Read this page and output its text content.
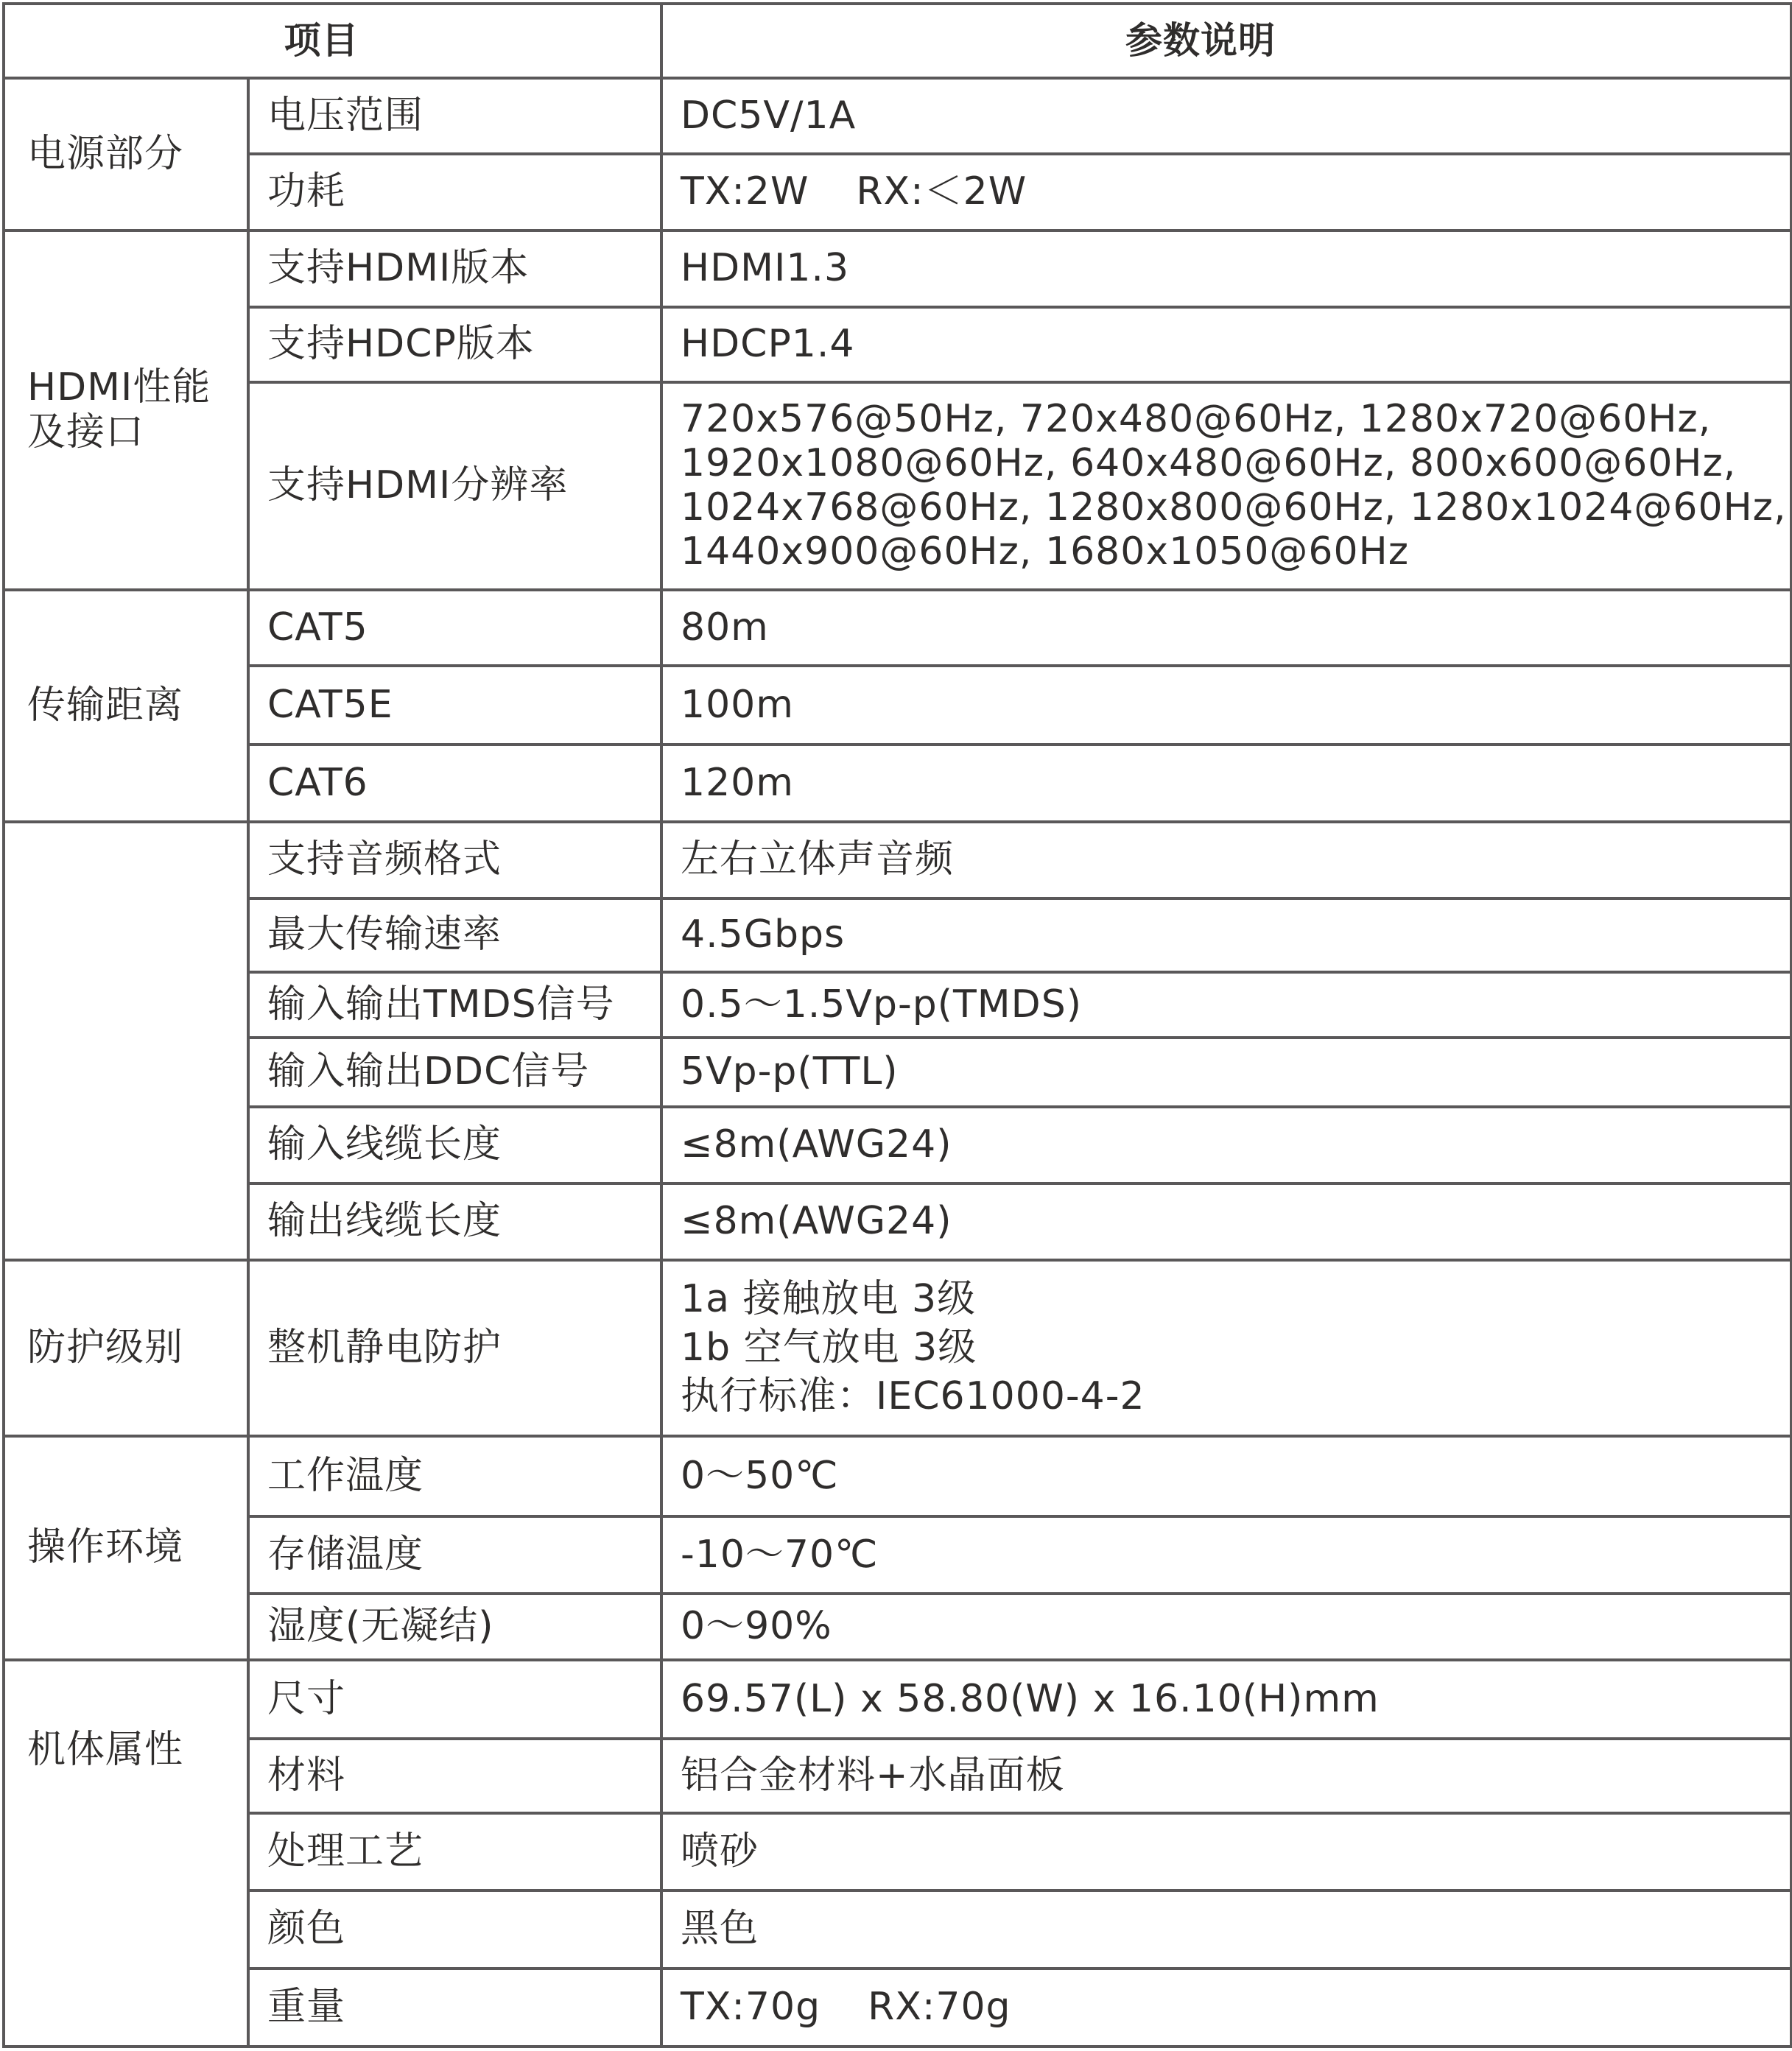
项目		参数说明
电源部分	电压范围	DC5V/1A
	功耗	TX:2W RX:＜2W

HDMI性能
及接口	支持HDMI版本	HDMI1.3
	支持HDCP版本	HDCP1.4
	支持HDMI分辨率	720x576@50Hz, 720x480@60Hz, 1280x720@60Hz,
1920x1080@60Hz, 640x480@60Hz, 800x600@60Hz,
1024x768@60Hz, 1280x800@60Hz, 1280x1024@60Hz,
1440x900@60Hz, 1680x1050@60Hz

传输距离	CAT5	80m
	CAT5E	100m
	CAT6	120m
	支持音频格式	左右立体声音频
	最大传输速率	4.5Gbps
	输入输出TMDS信号	0.5～1.5Vp-p(TMDS)
	输入输出DDC信号	5Vp-p(TTL)
	输入线缆长度	≤8m(AWG24)
	输出线缆长度	≤8m(AWG24)
防护级别	整机静电防护	1a 接触放电 3级
1b 空气放电 3级
执行标准：IEC61000-4-2

操作环境	工作温度	0～50℃
	存储温度	-10～70℃
	湿度(无凝结)	0～90%
机体属性	尺寸	69.57(L) x 58.80(W) x 16.10(H)mm
	材料	铝合金材料+水晶面板
	处理工艺	喷砂
	颜色	黑色
	重量	TX:70g RX:70g
